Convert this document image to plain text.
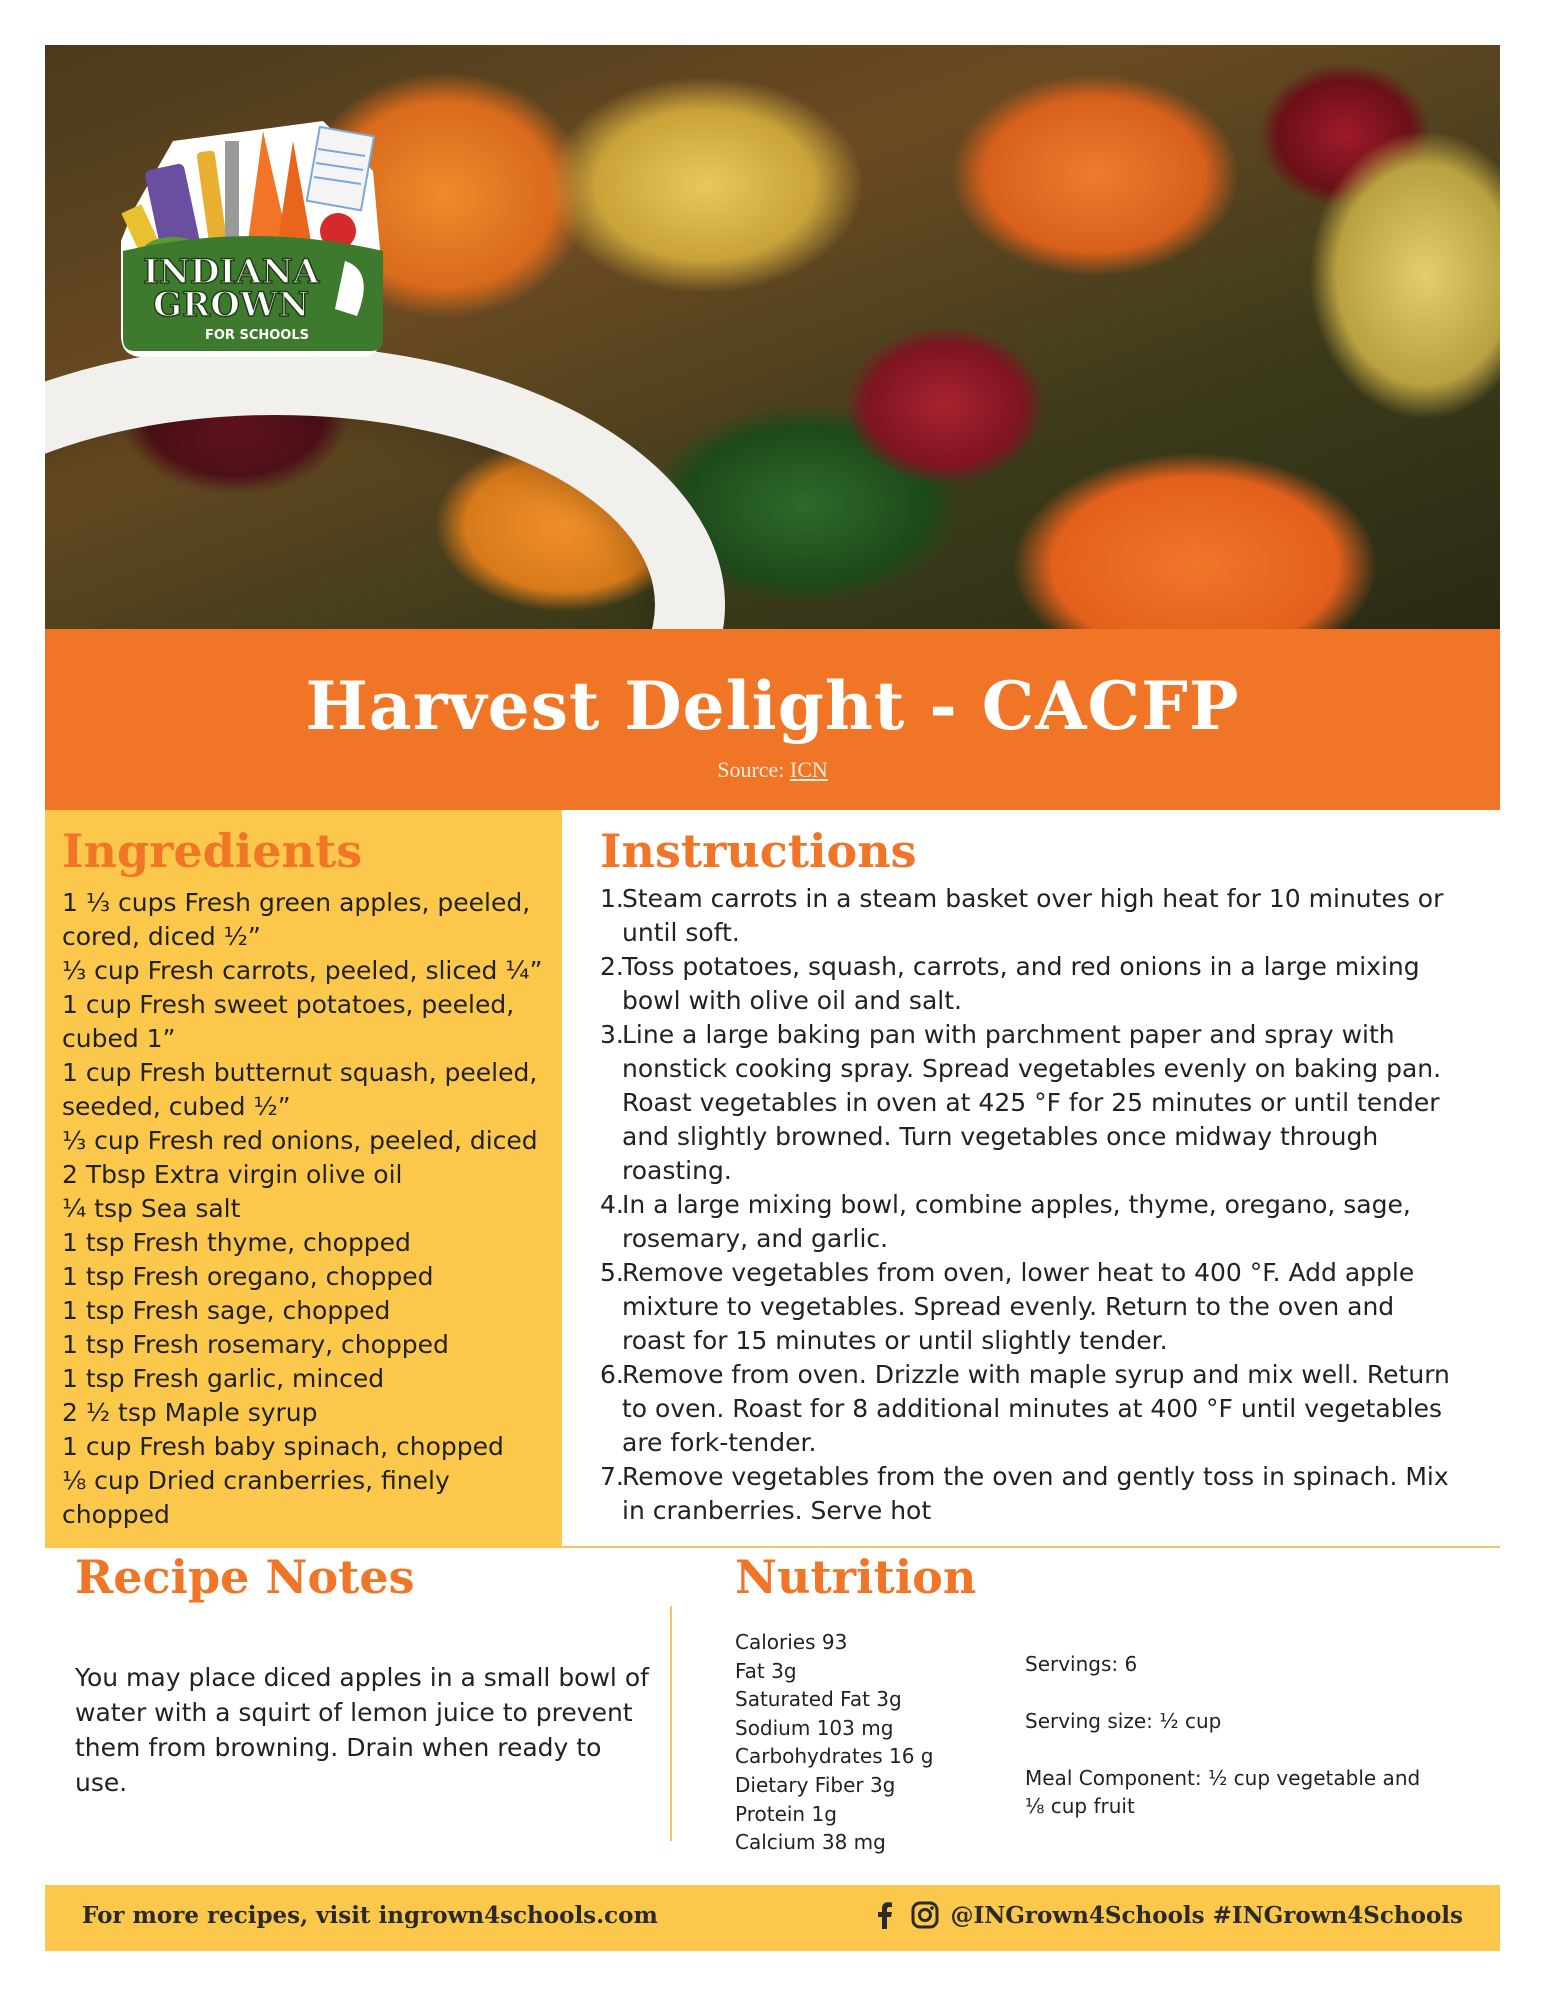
INDIANA
GROWN
FOR SCHOOLS
Harvest Delight - CACFP
Source: ICN
Ingredients
1 ⅓ cups Fresh green apples, peeled, cored, diced ½”
⅓ cup Fresh carrots, peeled, sliced ¼”
1 cup Fresh sweet potatoes, peeled, cubed 1”
1 cup Fresh butternut squash, peeled, seeded, cubed ½”
⅓ cup Fresh red onions, peeled, diced
2 Tbsp Extra virgin olive oil
¼ tsp Sea salt
1 tsp Fresh thyme, chopped
1 tsp Fresh oregano, chopped
1 tsp Fresh sage, chopped
1 tsp Fresh rosemary, chopped
1 tsp Fresh garlic, minced
2 ½ tsp Maple syrup
1 cup Fresh baby spinach, chopped
⅛ cup Dried cranberries, finely chopped
Instructions
1.
Steam carrots in a steam basket over high heat for 10 minutes or until soft.
2.
Toss potatoes, squash, carrots, and red onions in a large mixing bowl with olive oil and salt.
3.
Line a large baking pan with parchment paper and spray with nonstick cooking spray. Spread vegetables evenly on baking pan. Roast vegetables in oven at 425 °F for 25 minutes or until tender and slightly browned. Turn vegetables once midway through roasting.
4.
In a large mixing bowl, combine apples, thyme, oregano, sage, rosemary, and garlic.
5.
Remove vegetables from oven, lower heat to 400 °F. Add apple mixture to vegetables. Spread evenly. Return to the oven and roast for 15 minutes or until slightly tender.
6.
Remove from oven. Drizzle with maple syrup and mix well. Return to oven. Roast for 8 additional minutes at 400 °F until vegetables are fork-tender.
7.
Remove vegetables from the oven and gently toss in spinach. Mix in cranberries. Serve hot
Recipe Notes

You may place diced apples in a small bowl of water with a squirt of lemon juice to prevent them from browning. Drain when ready to use.

Nutrition
Calories 93
Fat 3g
Saturated Fat 3g
Sodium 103 mg
Carbohydrates 16 g
Dietary Fiber 3g
Protein 1g
Calcium 38 mg

Servings: 6

Serving size: ½ cup

Meal Component: ½ cup vegetable and ⅛ cup fruit

For more recipes, visit ingrown4schools.com	@INGrown4Schools #INGrown4Schools
